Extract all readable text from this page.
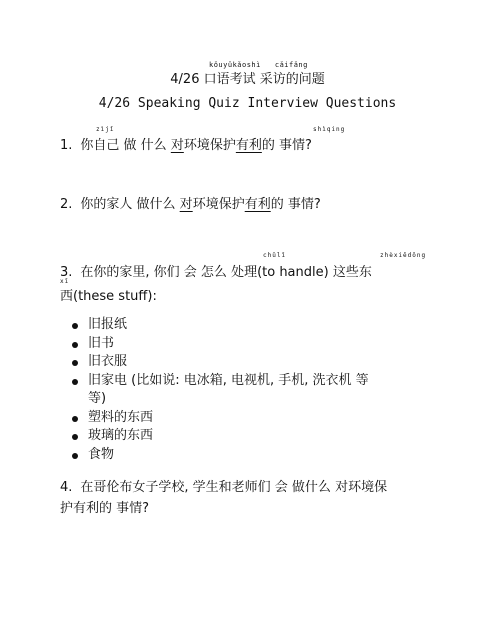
kǒuyǔkǎoshì cǎifǎng
4/26 口语考试 采访的问题
4/26 Speaking Quiz Interview Questions
zìjǐ	shìqing
1. 你自己 做 什么 对环境保护有利的 事情?
2. 你的家人 做什么 对环境保护有利的 事情?
chǔlǐ	zhèxiēdōng
3. 在你的家里, 你们 会 怎么 处理(to handle) 这些东
xī
西(these stuff):
旧报纸
旧书
旧衣服
旧家电 (比如说: 电冰箱, 电视机, 手机, 洗衣机 等
等)
塑料的东西
玻璃的东西
食物
4. 在哥伦布女子学校, 学生和老师们 会 做什么 对环境保
护有利的 事情?
